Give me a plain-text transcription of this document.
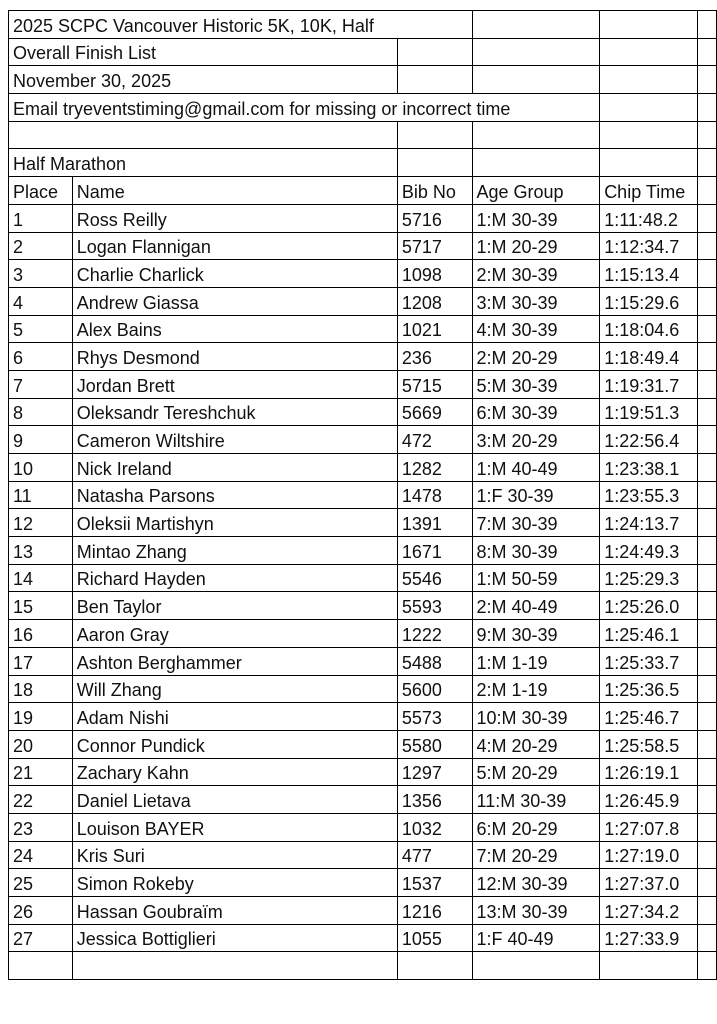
2025 SCPC Vancouver Historic 5K, 10K, Half					
Overall Finish List					
November 30, 2025					
Email tryeventstiming@gmail.com for missing or incorrect time					

Half Marathon					
Place	Name	Bib No	Age Group	Chip Time	
1	Ross Reilly	5716	1:M 30-39	1:11:48.2	
2	Logan Flannigan	5717	1:M 20-29	1:12:34.7	
3	Charlie Charlick	1098	2:M 30-39	1:15:13.4	
4	Andrew Giassa	1208	3:M 30-39	1:15:29.6	
5	Alex Bains	1021	4:M 30-39	1:18:04.6	
6	Rhys Desmond	236	2:M 20-29	1:18:49.4	
7	Jordan Brett	5715	5:M 30-39	1:19:31.7	
8	Oleksandr Tereshchuk	5669	6:M 30-39	1:19:51.3	
9	Cameron Wiltshire	472	3:M 20-29	1:22:56.4	
10	Nick Ireland	1282	1:M 40-49	1:23:38.1	
11	Natasha Parsons	1478	1:F 30-39	1:23:55.3	
12	Oleksii Martishyn	1391	7:M 30-39	1:24:13.7	
13	Mintao Zhang	1671	8:M 30-39	1:24:49.3	
14	Richard Hayden	5546	1:M 50-59	1:25:29.3	
15	Ben Taylor	5593	2:M 40-49	1:25:26.0	
16	Aaron Gray	1222	9:M 30-39	1:25:46.1	
17	Ashton Berghammer	5488	1:M 1-19	1:25:33.7	
18	Will Zhang	5600	2:M 1-19	1:25:36.5	
19	Adam Nishi	5573	10:M 30-39	1:25:46.7	
20	Connor Pundick	5580	4:M 20-29	1:25:58.5	
21	Zachary Kahn	1297	5:M 20-29	1:26:19.1	
22	Daniel Lietava	1356	11:M 30-39	1:26:45.9	
23	Louison BAYER	1032	6:M 20-29	1:27:07.8	
24	Kris Suri	477	7:M 20-29	1:27:19.0	
25	Simon Rokeby	1537	12:M 30-39	1:27:37.0	
26	Hassan Goubraïm	1216	13:M 30-39	1:27:34.2	
27	Jessica Bottiglieri	1055	1:F 40-49	1:27:33.9	
